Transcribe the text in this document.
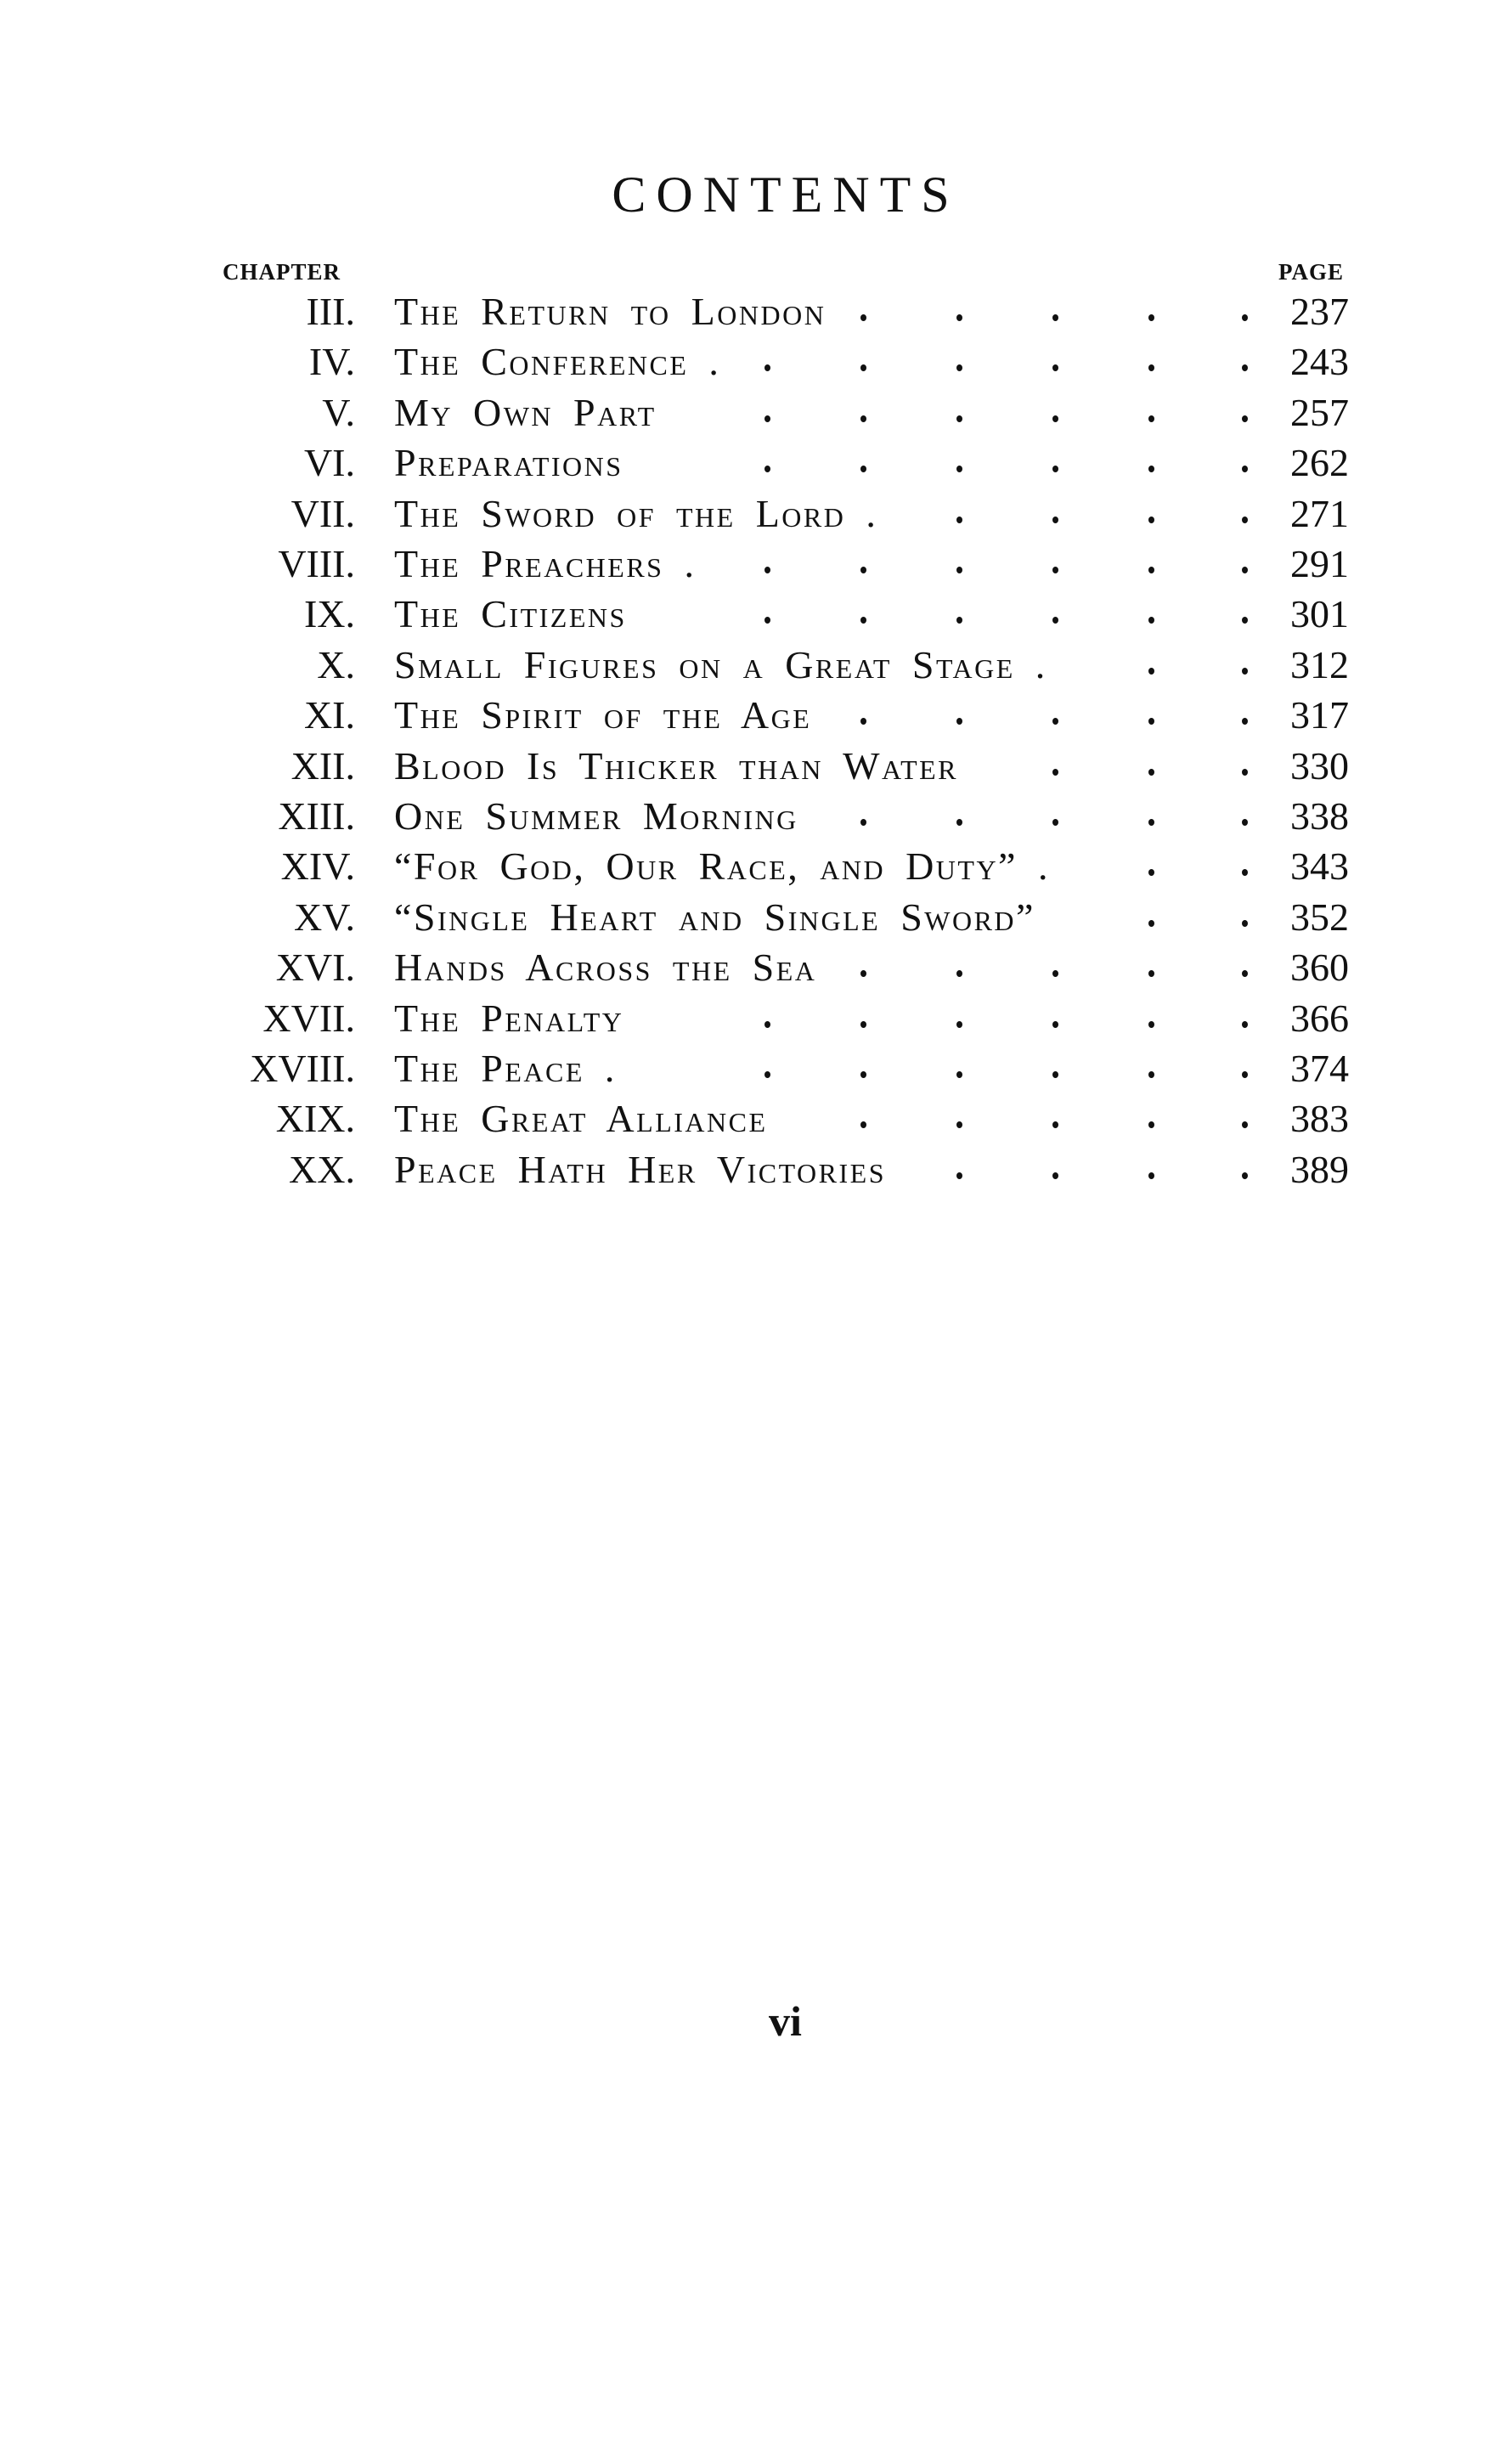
CONTENTS
CHAPTER	PAGE
III. The Return to London	237
IV. The Conference .	243
V. My Own Part	257
VI. Preparations	262
VII. The Sword of the Lord .	271
VIII. The Preachers .	291
IX. The Citizens	301
X. Small Figures on a Great Stage .	312
XI. The Spirit of the Age	317
XII. Blood Is Thicker than Water	330
XIII. One Summer Morning	338
XIV. “For God, Our Race, and Duty” .	343
XV. “Single Heart and Single Sword”	352
XVI. Hands Across the Sea	360
XVII. The Penalty	366
XVIII. The Peace .	374
XIX. The Great Alliance	383
XX. Peace Hath Her Victories	389
vi
